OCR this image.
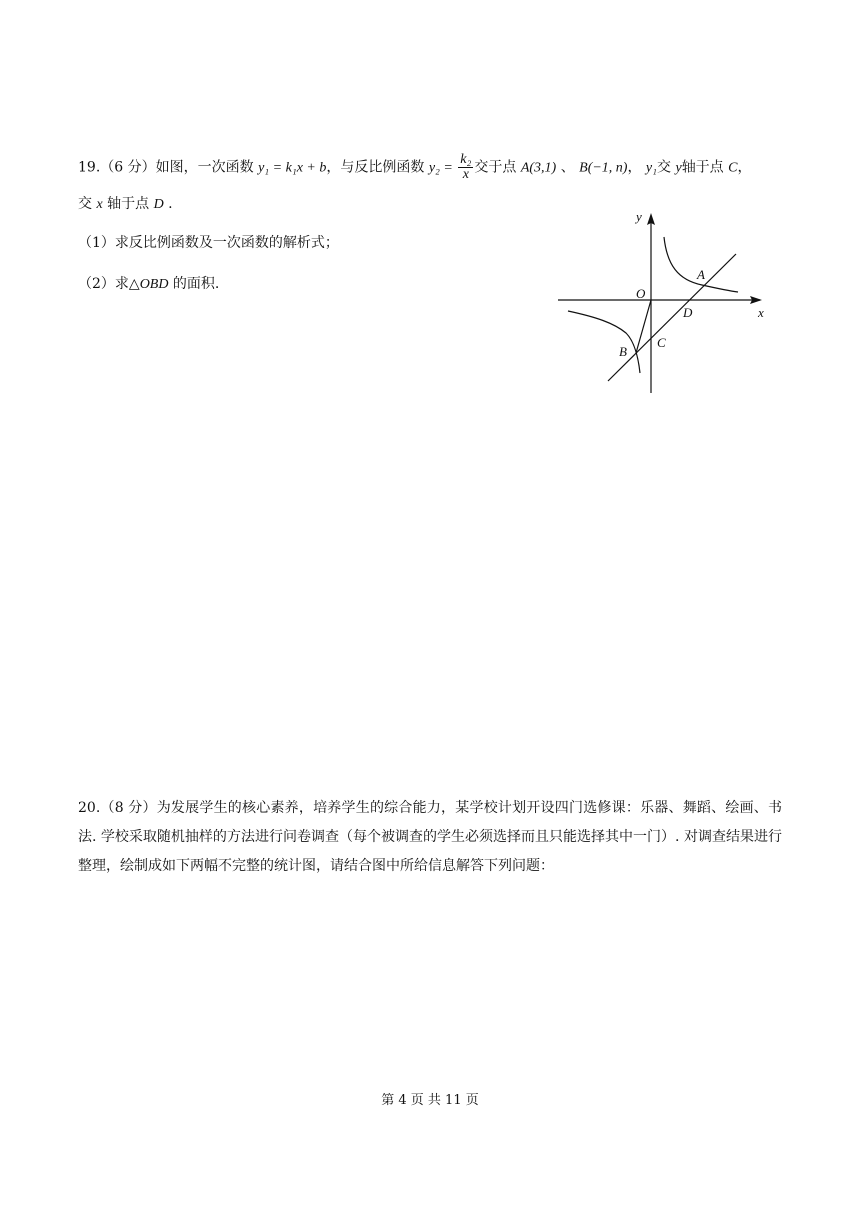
19.（6 分）如图，一次函数 y₁ = k₁x + b，与反比例函数 $y_2 = \frac{\text{k₂}}{x}$ 交于点 A(3,1) 、 B(−1, n)， y₁交 y轴于点 C，
交 x 轴于点 D .
（1）求反比例函数及一次函数的解析式；
（2）求△OBD 的面积.
y
x
O
A
B
C
D
20.（8 分）为发展学生的核心素养，培养学生的综合能力，某学校计划开设四门选修课：乐器、舞蹈、绘画、书法. 学校采取随机抽样的方法进行问卷调查（每个被调查的学生必须选择而且只能选择其中一门）. 对调查结果进行整理，绘制成如下两幅不完整的统计图，请结合图中所给信息解答下列问题：
第 4 页 共 11 页
